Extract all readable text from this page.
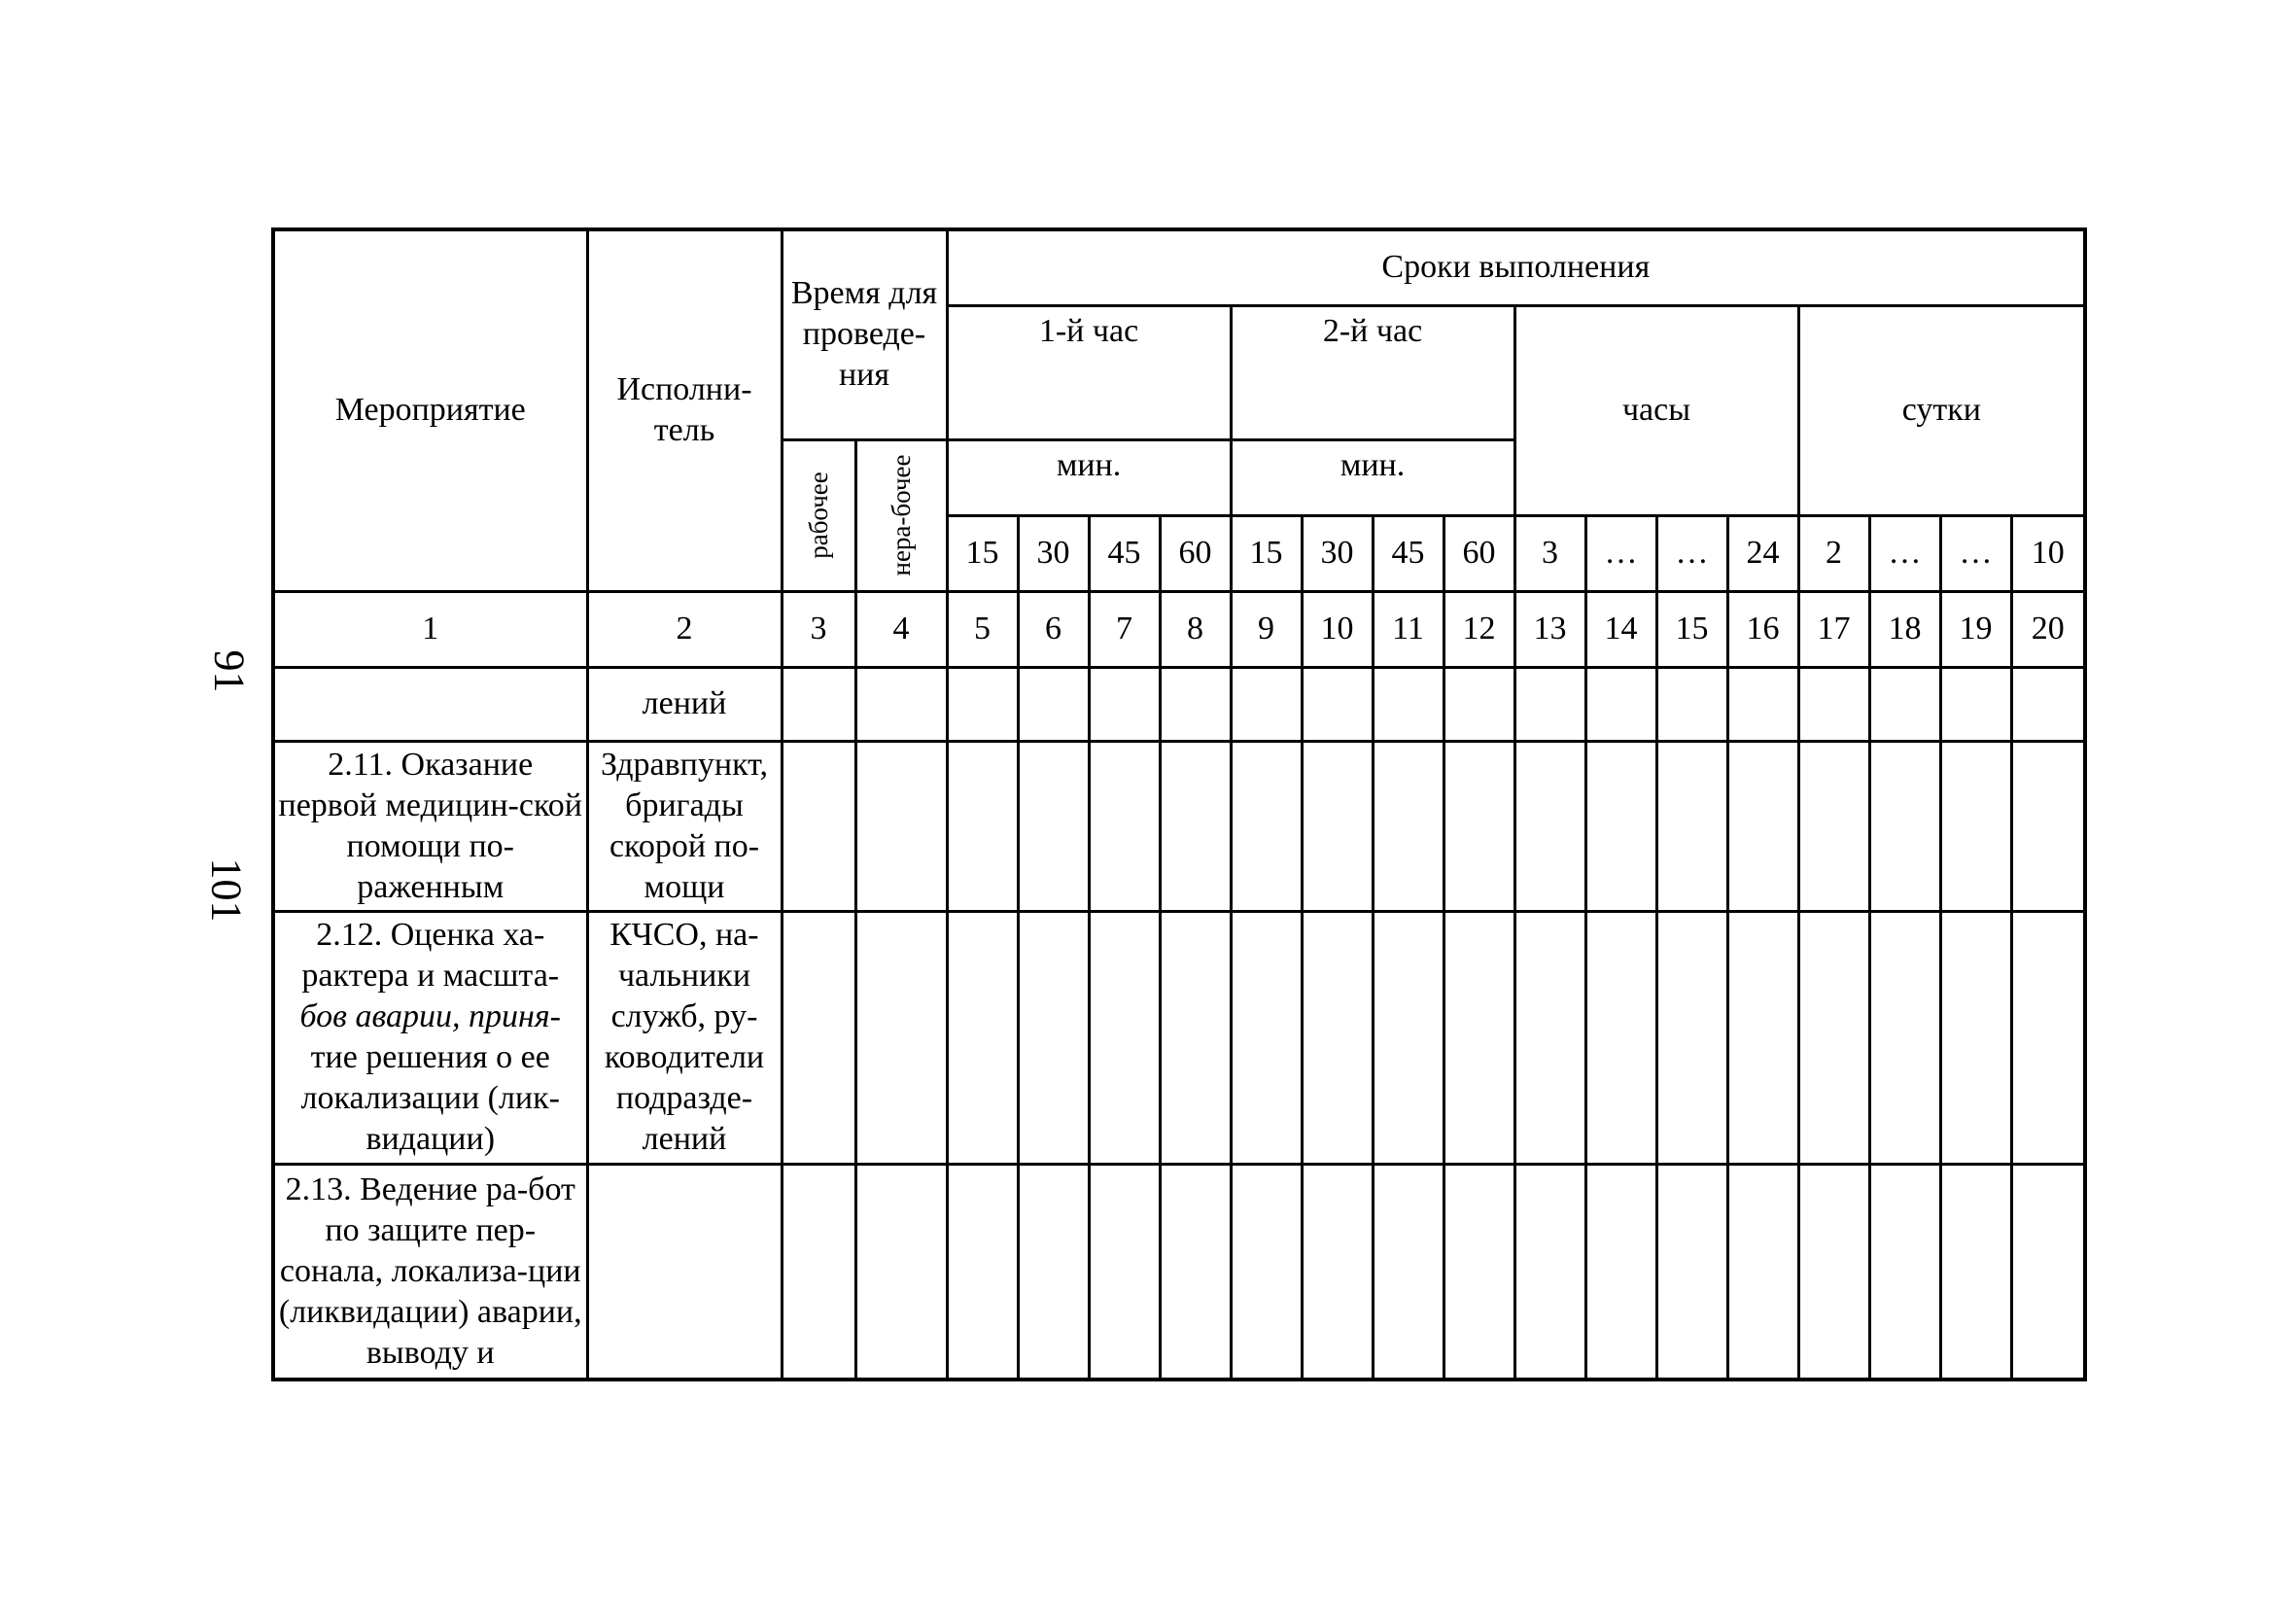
91
101
Мероприятие	Исполни-тель	Время для проведе-ния		Сроки выполнения															
				1-й час				2-й час				часы				сутки			

		рабочее	нера-бочее	мин.				мин.											
				15	30	45	60	15	30	45	60	3	…	…	24	2	…	…	10
1	2	3	4	5	6	7	8	9	10	11	12	13	14	15	16	17	18	19	20
	лений																		
2.11. Оказание первой медицин-ской помощи по-раженным	Здравпункт, бригады скорой по-мощи																		
2.12. Оценка ха-рактера и масшта- бов аварии, приня- тие решения о ее локализации (лик-видации)	КЧСО, на-чальники служб, ру-ководители подразде-лений																		
2.13. Ведение ра-бот по защите пер-сонала, локализа-ции (ликвидации) аварии, выводу и																			
